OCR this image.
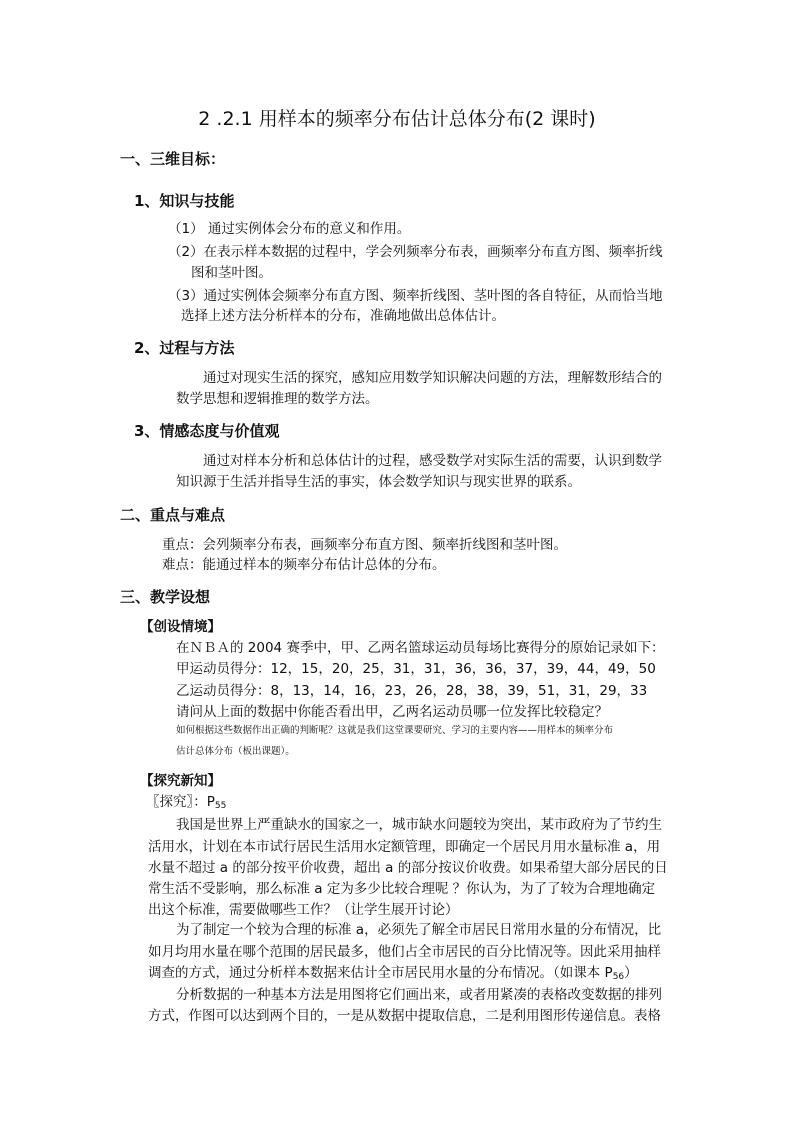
2 .2.1 用样本的频率分布估计总体分布(2 课时)
一、三维目标：
1、知识与技能
（1） 通过实例体会分布的意义和作用。
（2）在表示样本数据的过程中，学会列频率分布表，画频率分布直方图、频率折线
图和茎叶图。
（3）通过实例体会频率分布直方图、频率折线图、茎叶图的各自特征，从而恰当地
选择上述方法分析样本的分布，准确地做出总体估计。
2、过程与方法
通过对现实生活的探究，感知应用数学知识解决问题的方法，理解数形结合的
数学思想和逻辑推理的数学方法。
3、情感态度与价值观
通过对样本分析和总体估计的过程，感受数学对实际生活的需要，认识到数学
知识源于生活并指导生活的事实，体会数学知识与现实世界的联系。
二、重点与难点
重点：会列频率分布表，画频率分布直方图、频率折线图和茎叶图。
难点：能通过样本的频率分布估计总体的分布。
三、教学设想
【创设情境】
在ＮＢＡ的 2004 赛季中，甲、乙两名篮球运动员每场比赛得分的原始记录如下：
甲运动员得分：12，15，20，25，31，31，36，36，37，39，44，49，50
乙运动员得分：8，13，14，16，23，26，28，38，39，51，31，29，33
请问从上面的数据中你能否看出甲，乙两名运动员哪一位发挥比较稳定？
如何根据这些数据作出正确的判断呢？这就是我们这堂课要研究、学习的主要内容——用样本的频率分布
估计总体分布（板出课题）。
【探究新知】
〖探究〗：$P_{55}$
我国是世界上严重缺水的国家之一，城市缺水问题较为突出，某市政府为了节约生
活用水，计划在本市试行居民生活用水定额管理，即确定一个居民月用水量标准 a，用
水量不超过 a 的部分按平价收费，超出 a 的部分按议价收费。如果希望大部分居民的日
常生活不受影响，那么标准 a 定为多少比较合理呢 ？你认为，为了了较为合理地确定
出这个标准，需要做哪些工作？（让学生展开讨论）
为了制定一个较为合理的标准 a，必须先了解全市居民日常用水量的分布情况，比
如月均用水量在哪个范围的居民最多，他们占全市居民的百分比情况等。因此采用抽样
调查的方式，通过分析样本数据来估计全市居民用水量的分布情况。（如课本 $P_{56}$）
分析数据的一种基本方法是用图将它们画出来，或者用紧凑的表格改变数据的排列
方式，作图可以达到两个目的，一是从数据中提取信息，二是利用图形传递信息。表格
